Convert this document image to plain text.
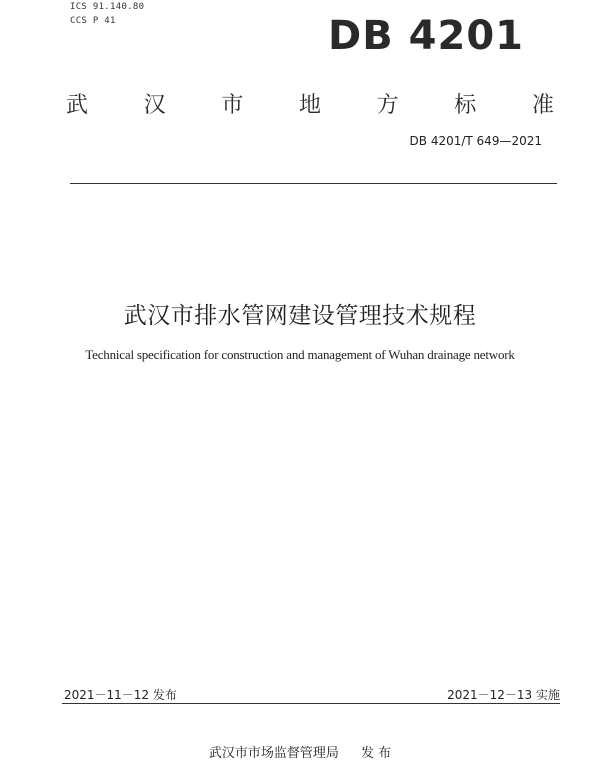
ICS 91.140.80
CCS P 41	DB 4201
武	汉	市	地	方	标	准
DB 4201/T 649—2021
武汉市排水管网建设管理技术规程
Technical specification for construction and management of Wuhan drainage network
2021－11－12 发布	2021－12－13 实施
武汉市市场监督管理局 发 布
